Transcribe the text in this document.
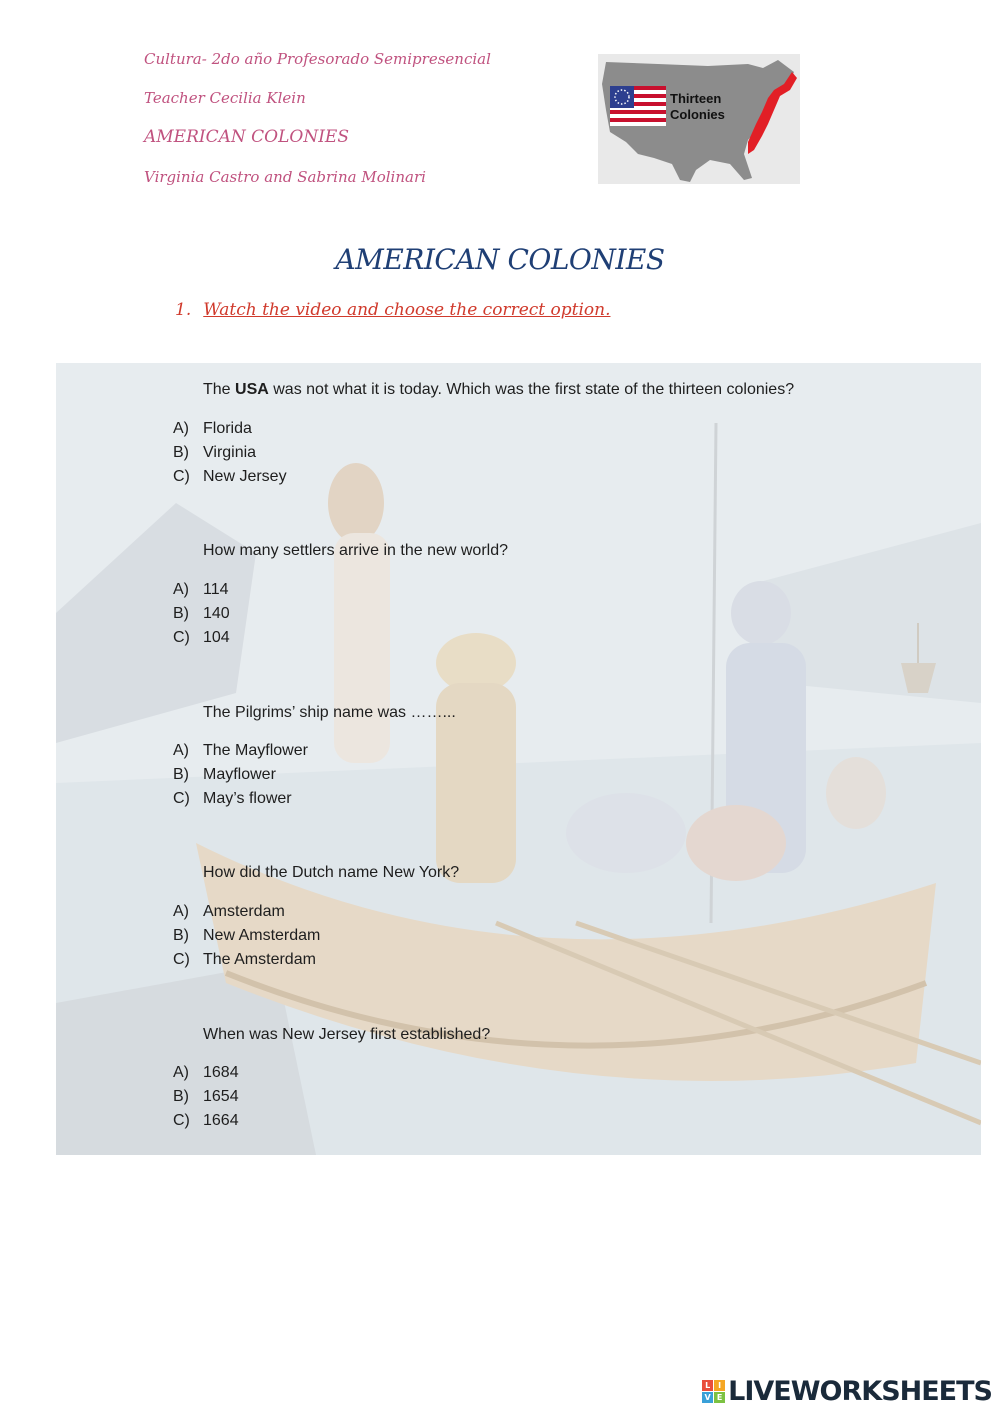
Cultura- 2do año Profesorado Semipresencial
Teacher Cecilia Klein
AMERICAN COLONIES
Virginia Castro and Sabrina Molinari
Thirteen
Colonies
AMERICAN COLONIES
1. Watch the video and choose the correct option.
The USA was not what it is today. Which was the first state of the thirteen colonies?
A) Florida
B) Virginia
C) New Jersey
How many settlers arrive in the new world?
A) 114
B) 140
C) 104
The Pilgrims’ ship name was ……...
A) The Mayflower
B) Mayflower
C) May’s flower
How did the Dutch name New York?
A) Amsterdam
B) New Amsterdam
C) The Amsterdam
When was New Jersey first established?
A) 1684
B) 1654
C) 1664
L I
V E LIVEWORKSHEETS
